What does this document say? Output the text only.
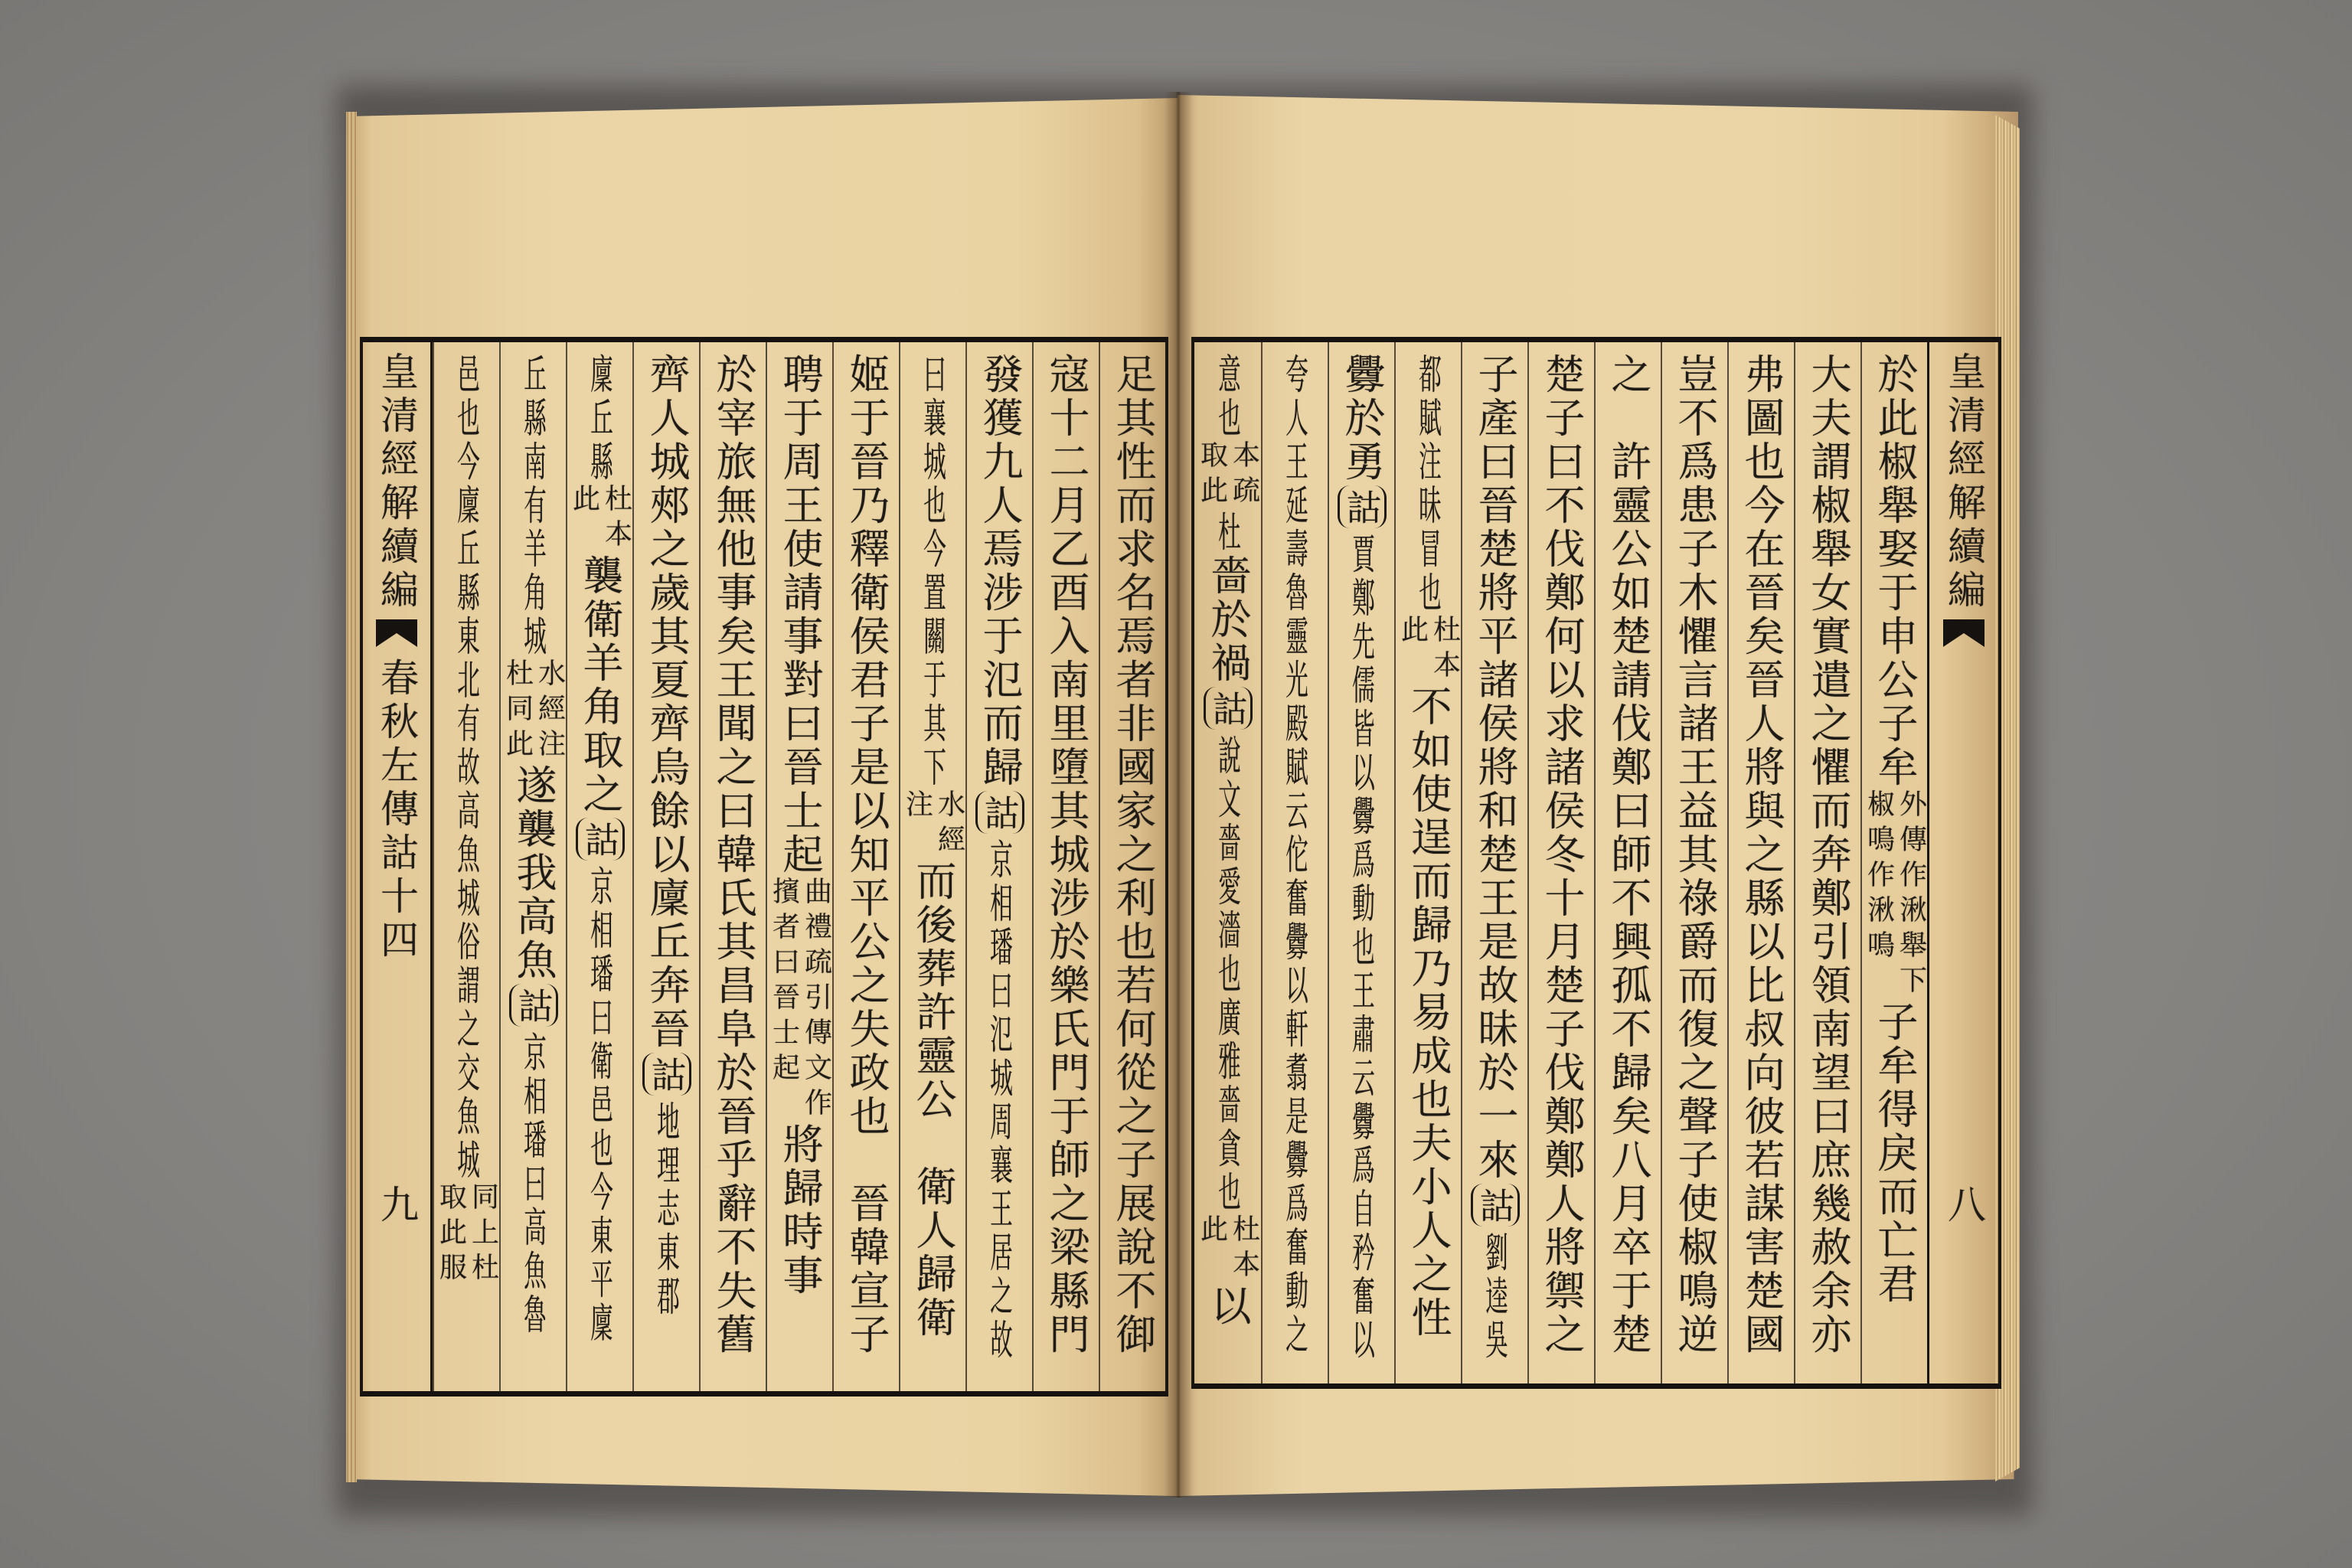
足其性而求名焉者非國家之利也若何從之子展說不御
寇十二月乙酉入南里墮其城涉於樂氏門于師之梁縣門
發獲九人焉涉于氾而歸
詁
京相璠曰氾城周襄王居之故
曰襄城也今置關于其下
水經
注
而後葬許靈公　衛人歸衛
姬于晉乃釋衛侯君子是以知平公之失政也　晉韓宣子
聘于周王使請事對曰晉士起
曲禮疏引傳文作
擯者曰晉士起
將歸時事
於宰旅無他事矣王聞之曰韓氏其昌阜於晉乎辭不失舊
齊人城郟之歲其夏齊烏餘以廩丘奔晉
詁
地理志東郡
廩丘縣
杜本
此
襲衛羊角取之
詁
京相璠曰衛邑也今東平廩
丘縣南有羊角城
水經注
杜同此
遂襲我高魚
詁
京相璠曰高魚魯
邑也今廩丘縣東北有故高魚城俗謂之交魚城
同上
取此
杜
服
皇清經解續編
春秋左傳詁十四
九
皇清經解續編
八
於此椒舉娶于申公子牟
外傳作湫舉下
椒鳴作湫鳴
子牟得戾而亡君
大夫謂椒舉女實遣之懼而奔鄭引領南望曰庶幾赦余亦
弗圖也今在晉矣晉人將與之縣以比叔向彼若謀害楚國
豈不爲患子木懼言諸王益其祿爵而復之聲子使椒鳴逆
之　許靈公如楚請伐鄭曰師不興孤不歸矣八月卒于楚
楚子曰不伐鄭何以求諸侯冬十月楚子伐鄭鄭人將禦之
子產曰晉楚將平諸侯將和楚王是故昧於一來
詁
劉逵吳
都賦注昧冒也
杜本
此
不如使逞而歸乃易成也夫小人之性
釁於勇
詁
賈鄭先儒皆以釁爲動也王肅云釁爲自矜奮以
夸人王延壽魯靈光殿賦云佗奮釁以軒翥是釁爲奮動之
意也
本疏
取此
杜
嗇於禍
詁
說文嗇愛濇也廣雅嗇貪也
杜本
此
以
